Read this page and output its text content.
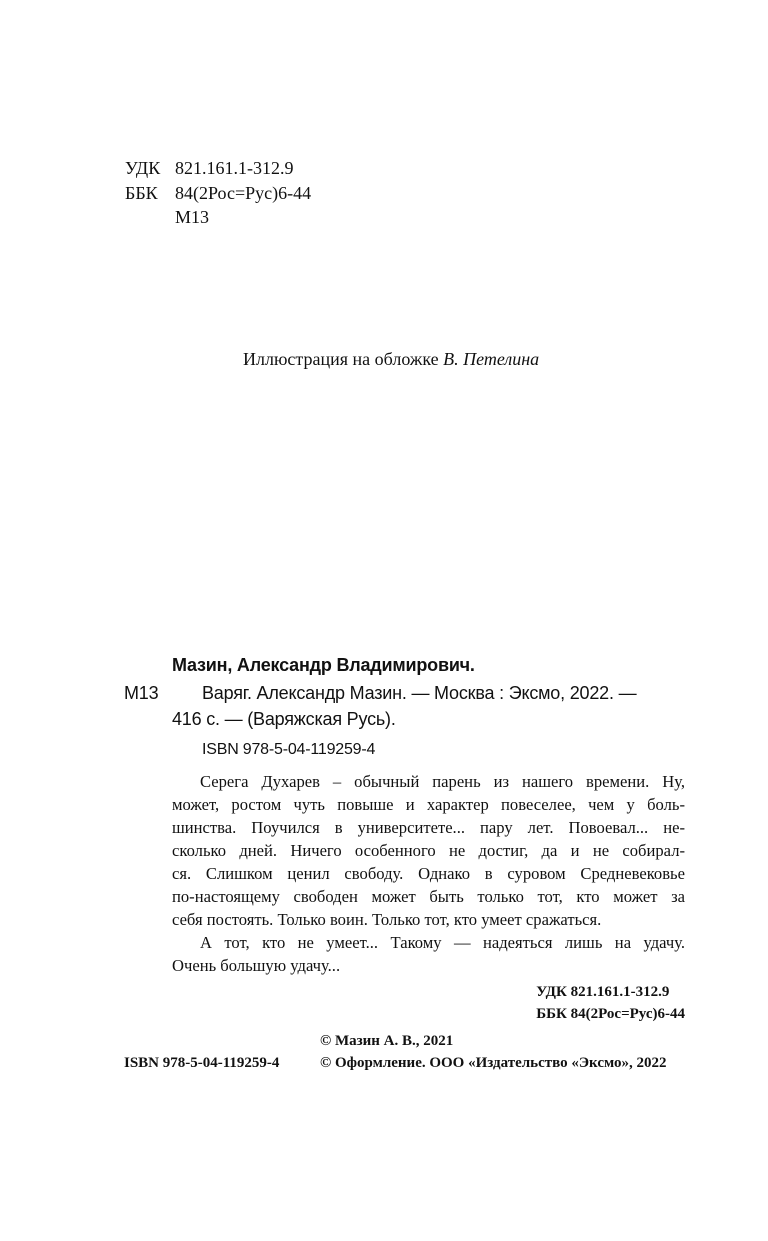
УДК 821.161.1-312.9
ББК 84(2Рос=Рус)6-44
М13
Иллюстрация на обложке В. Петелина
Мазин, Александр Владимирович.
М13 Варяг. Александр Мазин. — Москва : Эксмо, 2022. —
416 с. — (Варяжская Русь).
ISBN 978-5-04-119259-4
Серега Духарев – обычный парень из нашего времени. Ну,
может, ростом чуть повыше и характер повеселее, чем у боль-
шинства. Поучился в университете... пару лет. Повоевал... не-
сколько дней. Ничего особенного не достиг, да и не собирал-
ся. Слишком ценил свободу. Однако в суровом Средневековье
по-настоящему свободен может быть только тот, кто может за
себя постоять. Только воин. Только тот, кто умеет сражаться.
А тот, кто не умеет... Такому — надеяться лишь на удачу.
Очень большую удачу...
УДК 821.161.1-312.9
ББК 84(2Рос=Рус)6-44
© Мазин А. В., 2021
ISBN 978-5-04-119259-4	© Оформление. ООО «Издательство «Эксмо», 2022
